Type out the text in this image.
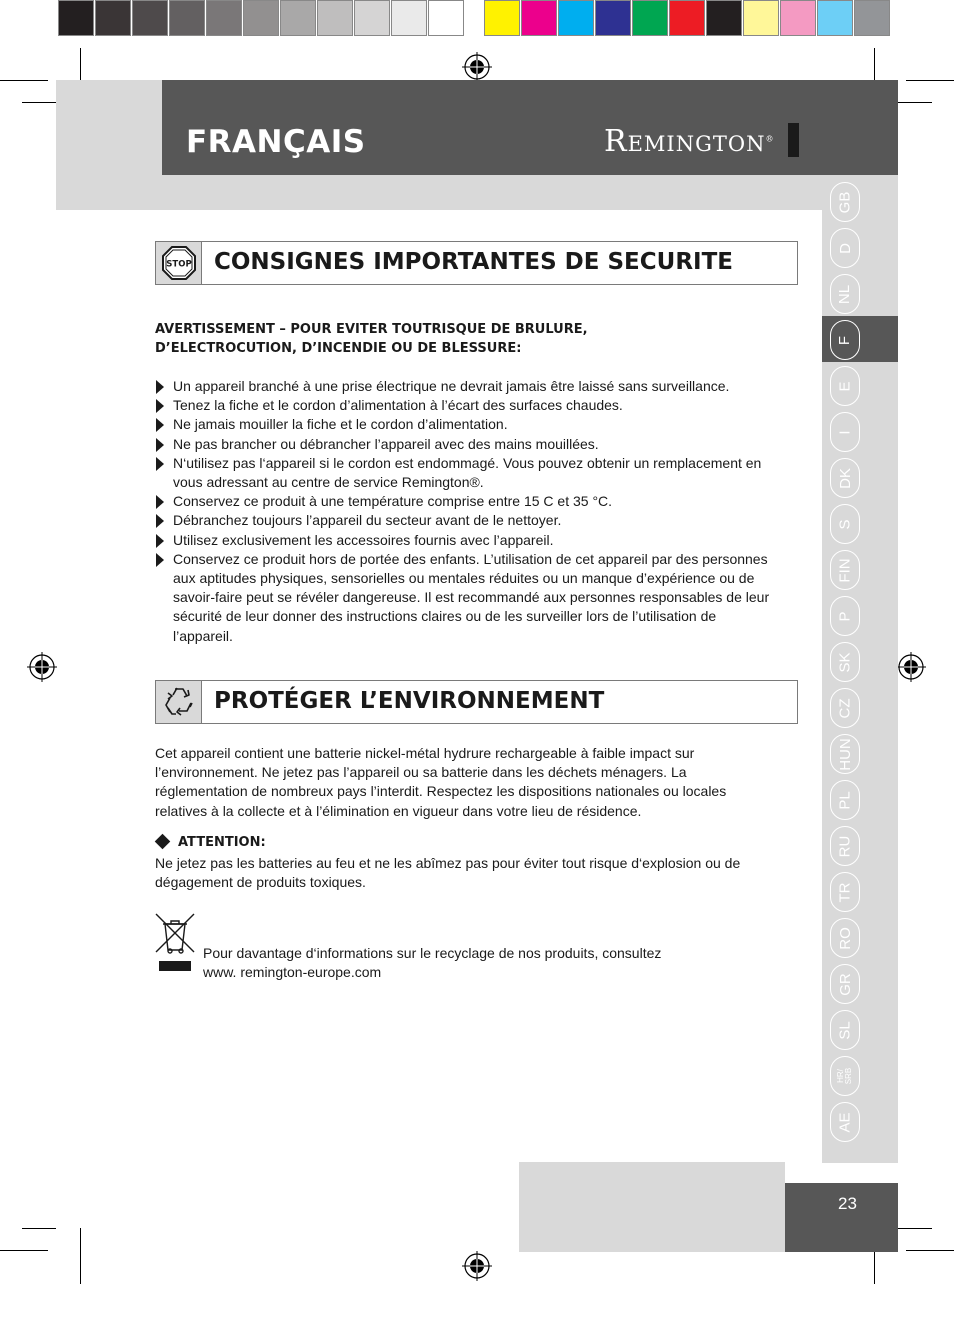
FRANÇAIS	REMINGTON®
GB
D
NL
F
E
I
DK
S
FIN
P
SK
CZ
HUN
PL
RU
TR
RO
GR
SL
HR/ SRB
AE
STOP CONSIGNES IMPORTANTES DE SECURITE
AVERTISSEMENT – POUR EVITER TOUTRISQUE DE BRULURE, D’ELECTROCUTION, D’INCENDIE OU DE BLESSURE:
Un appareil branché à une prise électrique ne devrait jamais être laissé sans surveillance.
Tenez la fiche et le cordon d’alimentation à l’écart des surfaces chaudes.
Ne jamais mouiller la fiche et le cordon d’alimentation.
Ne pas brancher ou débrancher l’appareil avec des mains mouillées.
N‘utilisez pas l‘appareil si le cordon est endommagé. Vous pouvez obtenir un remplacement en vous adressant au centre de service Remington®.
Conservez ce produit à une température comprise entre 15 C et 35 °C.
Débranchez toujours l’appareil du secteur avant de le nettoyer.
Utilisez exclusivement les accessoires fournis avec l’appareil.
Conservez ce produit hors de portée des enfants. L’utilisation de cet appareil par des personnes aux aptitudes physiques, sensorielles ou mentales réduites ou un manque d’expérience ou de savoir-faire peut se révéler dangereuse. Il est recommandé aux personnes responsables de leur sécurité de leur donner des instructions claires ou de les surveiller lors de l’utilisation de l’appareil.
PROTÉGER L’ENVIRONNEMENT

Cet appareil contient une batterie nickel-métal hydrure rechargeable à faible impact sur l’environnement. Ne jetez pas l’appareil ou sa batterie dans les déchets ménagers. La réglementation de nombreux pays l’interdit. Respectez les dispositions nationales ou locales relatives à la collecte et à l’élimination en vigueur dans votre lieu de résidence.

ATTENTION:

Ne jetez pas les batteries au feu et ne les abîmez pas pour éviter tout risque d‘explosion ou de dégagement de produits toxiques.

Pour davantage d‘informations sur le recyclage de nos produits, consultez

www. remington-europe.com

23
